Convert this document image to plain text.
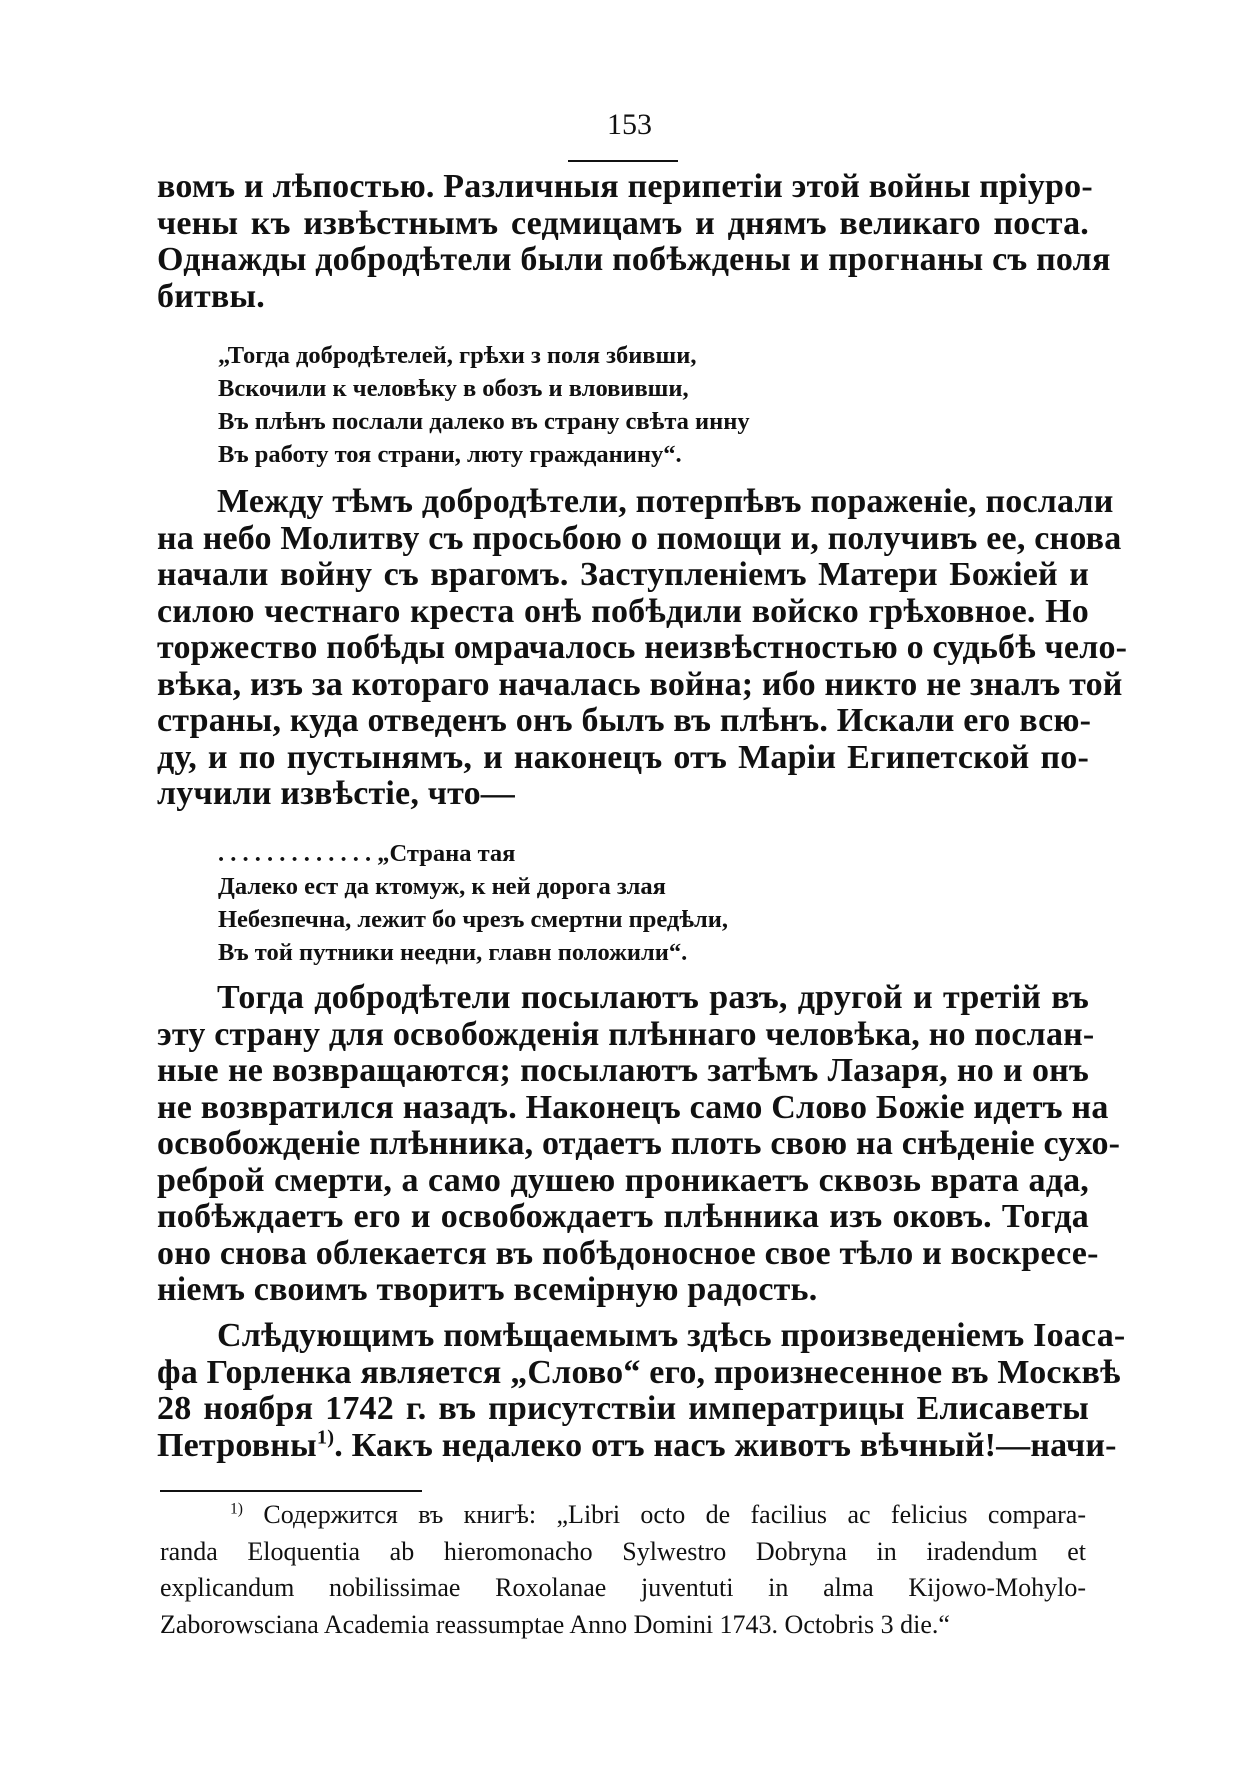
153
вомъ и лѣпостью. Различныя перипетіи этой войны пріуро-
чены къ извѣстнымъ седмицамъ и днямъ великаго поста.
Однажды добродѣтели были побѣждены и прогнаны съ поля
битвы.
„Тогда добродѣтелей, грѣхи з поля збивши,
Вскочили к человѣку в обозъ и вловивши,
Въ плѣнъ послали далеко въ страну свѣта инну
Въ работу тоя страни, люту гражданину“.
Между тѣмъ добродѣтели, потерпѣвъ пораженіе, послали
на небо Молитву съ просьбою о помощи и, получивъ ее, снова
начали войну съ врагомъ. Заступленіемъ Матери Божіей и
силою честнаго креста онѣ побѣдили войско грѣховное. Но
торжество побѣды омрачалось неизвѣстностью о судьбѣ чело-
вѣка, изъ за котораго началась война; ибо никто не зналъ той
страны, куда отведенъ онъ былъ въ плѣнъ. Искали его всю-
ду, и по пустынямъ, и наконецъ отъ Маріи Египетской по-
лучили извѣстіе, что—
. . . . . . . . . . . . . „Страна тая
Далеко ест да ктомуж, к ней дорога злая
Небезпечна, лежит бо чрезъ смертни предѣли,
Въ той путники неедни, главн положили“.
Тогда добродѣтели посылаютъ разъ, другой и третій въ
эту страну для освобожденія плѣннаго человѣка, но послан-
ные не возвращаются; посылаютъ затѣмъ Лазаря, но и онъ
не возвратился назадъ. Наконецъ само Слово Божіе идетъ на
освобожденіе плѣнника, отдаетъ плоть свою на снѣденіе сухо-
реброй смерти, а само душею проникаетъ сквозь врата ада,
побѣждаетъ его и освобождаетъ плѣнника изъ оковъ. Тогда
оно снова облекается въ побѣдоносное свое тѣло и воскресе-
ніемъ своимъ творитъ всемірную радость.
Слѣдующимъ помѣщаемымъ здѣсь произведеніемъ Іоаса-
фа Горленка является „Слово“ его, произнесенное въ Москвѣ
28 ноября 1742 г. въ присутствіи императрицы Елисаветы
Петровны$^{1)}$. Какъ недалеко отъ насъ животъ вѣчный!—начи-
$^{1)}$ Содержится въ книгѣ: „Libri octo de facilius ac felicius compara-
randa Eloquentia ab hieromonacho Sylwestro Dobryna in iradendum et
explicandum nobilissimae Roxolanae juventuti in alma Kijowo-Mohylo-
Zaborowsciana Academia reassumptae Anno Domini 1743. Octobris 3 die.“
